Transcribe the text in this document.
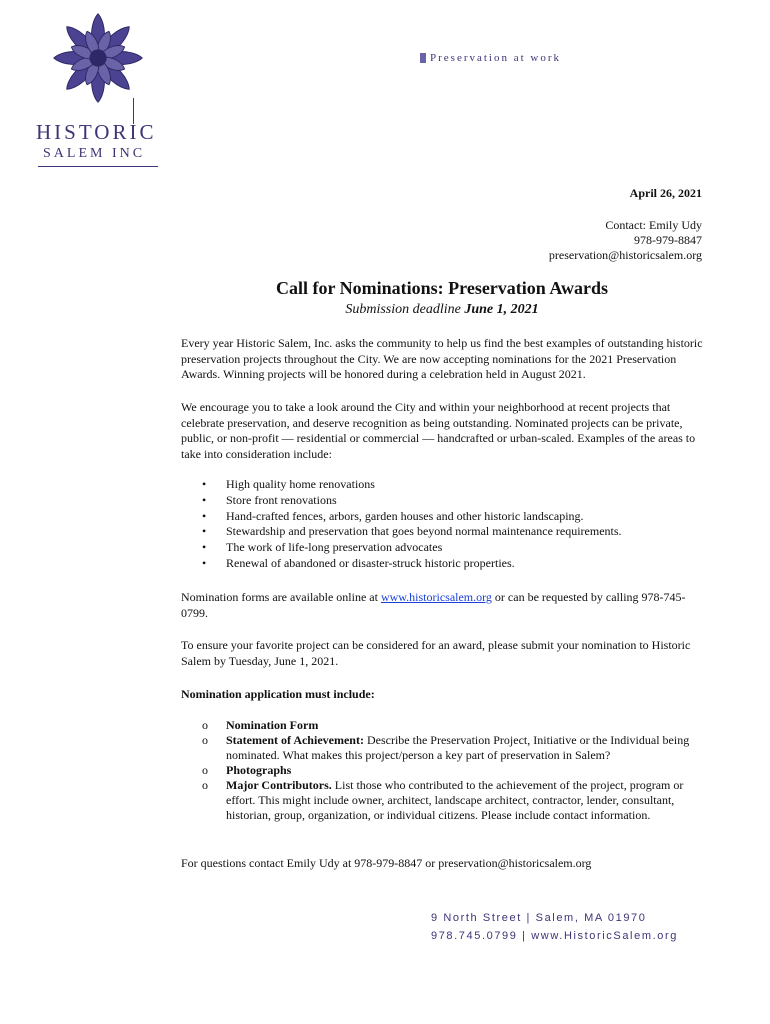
HISTORIC
SALEM INC
Preservation at work
April 26, 2021
Contact: Emily Udy
978-979-8847
preservation@historicsalem.org
Call for Nominations: Preservation Awards
Submission deadline June 1, 2021
Every year Historic Salem, Inc. asks the community to help us find the best examples of outstanding historic preservation projects throughout the City. We are now accepting nominations for the 2021 Preservation Awards. Winning projects will be honored during a celebration held in August 2021.
We encourage you to take a look around the City and within your neighborhood at recent projects that celebrate preservation, and deserve recognition as being outstanding. Nominated projects can be private, public, or non-profit — residential or commercial — handcrafted or urban-scaled. Examples of the areas to take into consideration include:
• High quality home renovations
• Store front renovations
• Hand-crafted fences, arbors, garden houses and other historic landscaping.
• Stewardship and preservation that goes beyond normal maintenance requirements.
• The work of life-long preservation advocates
• Renewal of abandoned or disaster-struck historic properties.
Nomination forms are available online at www.historicsalem.org or can be requested by calling 978-745-0799.
To ensure your favorite project can be considered for an award, please submit your nomination to Historic Salem by Tuesday, June 1, 2021.
Nomination application must include:
o Nomination Form
o Statement of Achievement: Describe the Preservation Project, Initiative or the Individual being nominated. What makes this project/person a key part of preservation in Salem?
o Photographs
o Major Contributors. List those who contributed to the achievement of the project, program or effort. This might include owner, architect, landscape architect, contractor, lender, consultant, historian, group, organization, or individual citizens. Please include contact information.
For questions contact Emily Udy at 978-979-8847 or preservation@historicsalem.org
9 North Street | Salem, MA 01970
978.745.0799 | www.HistoricSalem.org
